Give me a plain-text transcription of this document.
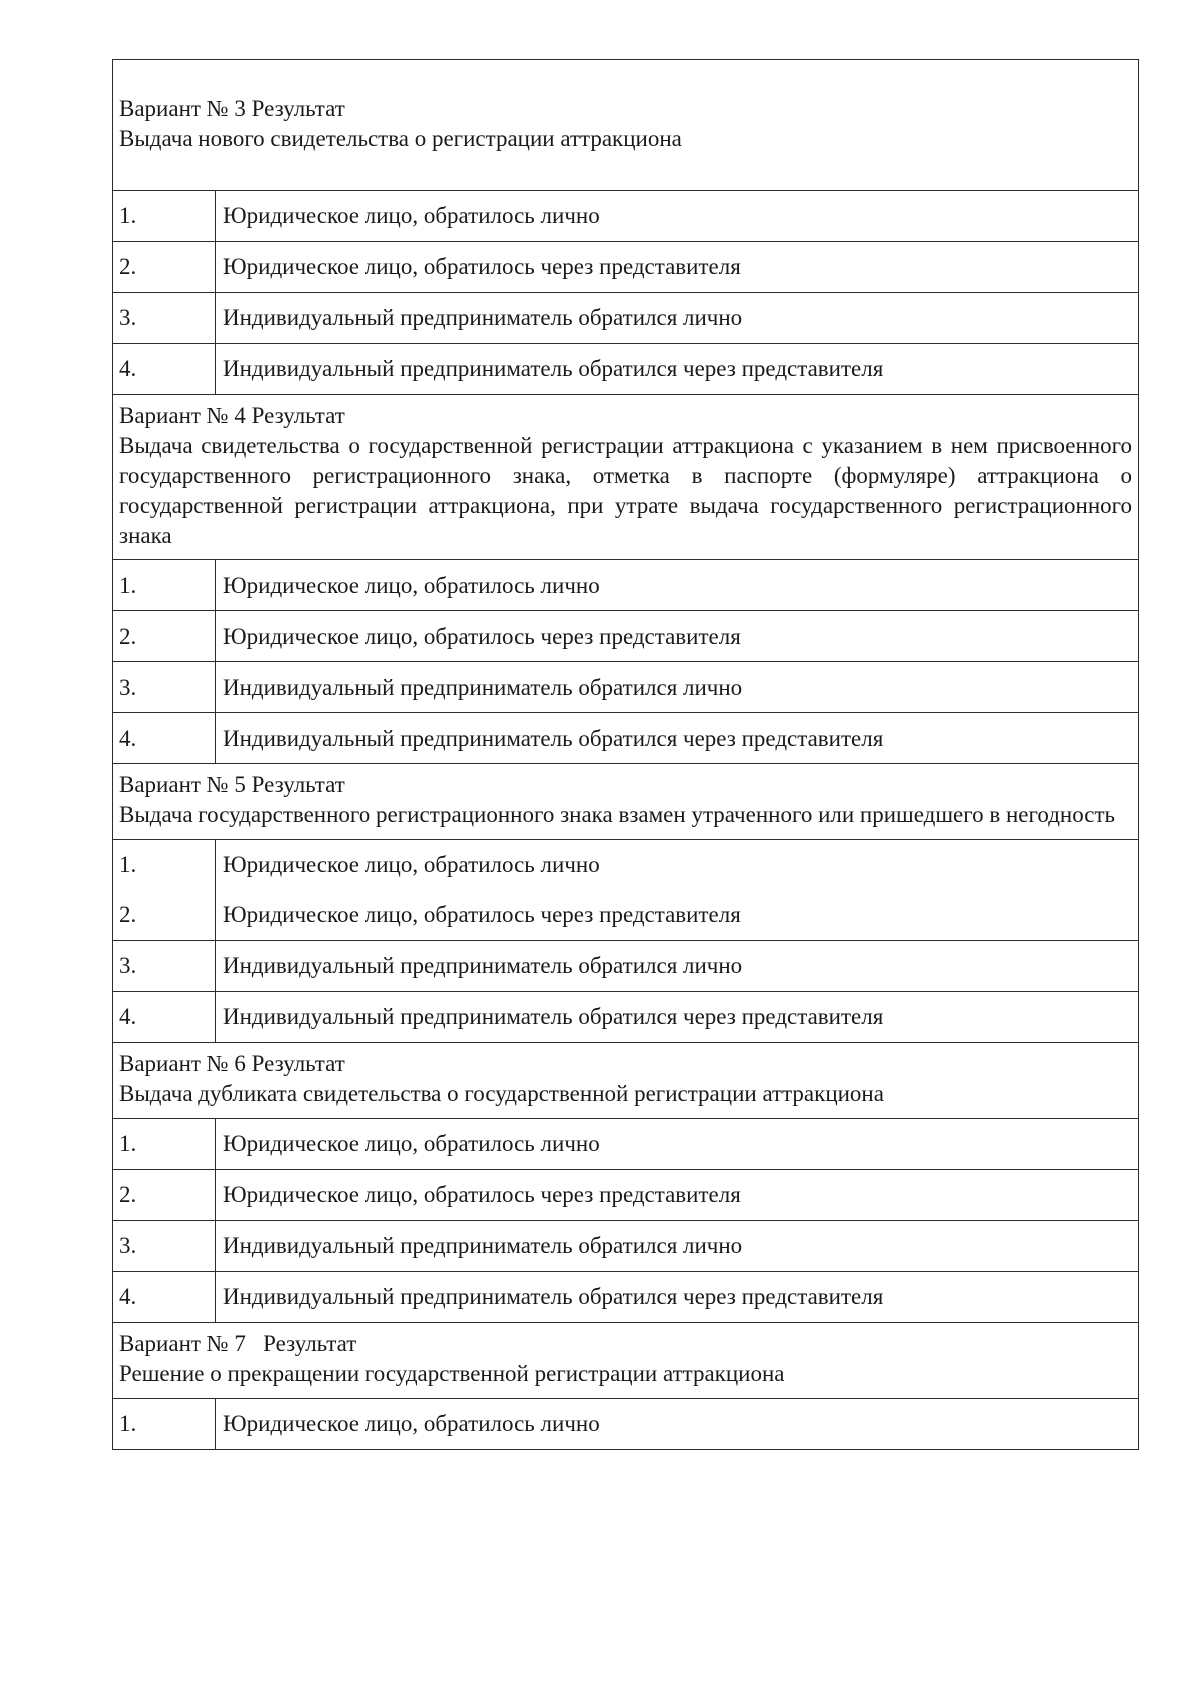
Вариант № 3 Результат
Выдача нового свидетельства о регистрации аттракциона	

1.	Юридическое лицо, обратилось лично
2.	Юридическое лицо, обратилось через представителя
3.	Индивидуальный предприниматель обратился лично
4.	Индивидуальный предприниматель обратился через представителя

Вариант № 4 Результат
Выдача свидетельства о государственной регистрации аттракциона с указанием в нем присвоенного государственного регистрационного знака, отметка в паспорте (формуляре) аттракциона о государственной регистрации аттракциона, при утрате выдача государственного регистрационного знака	

1.	Юридическое лицо, обратилось лично
2.	Юридическое лицо, обратилось через представителя
3.	Индивидуальный предприниматель обратился лично
4.	Индивидуальный предприниматель обратился через представителя

Вариант № 5 Результат
Выдача государственного регистрационного знака взамен утраченного или пришедшего в негодность	

1.	Юридическое лицо, обратилось лично
2.	Юридическое лицо, обратилось через представителя
3.	Индивидуальный предприниматель обратился лично
4.	Индивидуальный предприниматель обратился через представителя

Вариант № 6 Результат
Выдача дубликата свидетельства о государственной регистрации аттракциона	

1.	Юридическое лицо, обратилось лично
2.	Юридическое лицо, обратилось через представителя
3.	Индивидуальный предприниматель обратился лично
4.	Индивидуальный предприниматель обратился через представителя

Вариант № 7   Результат
Решение о прекращении государственной регистрации аттракциона	

1.	Юридическое лицо, обратилось лично
